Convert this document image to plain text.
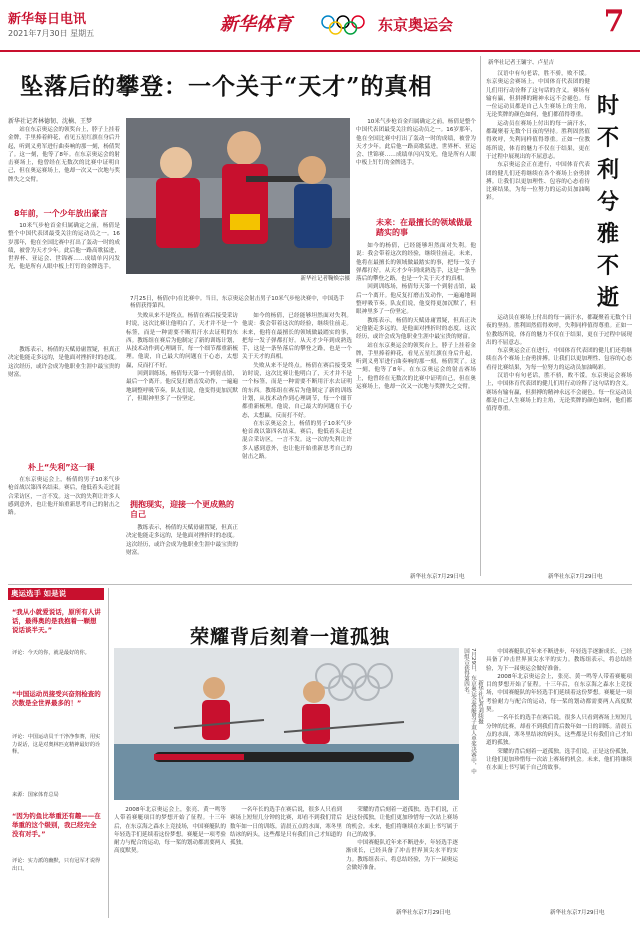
新华每日电讯
2021年7月30日 星期五	新华体育	东京奥运会	7
坠落后的攀登：一个关于“天才”的真相
新华社记者林德韧、沈楠、王梦
站在东京奥运会的领奖台上，脖子上挂着金牌，手里捧着鲜花，看见五星红旗在身后升起，听到义勇军进行曲奏响的那一刻，杨倩哭了。这一刻，他等了8年。在东京奥运会的射击赛场上，他曾经在无数次的比赛中证明自己，但在奥运赛场上，他却一次又一次地与奖牌失之交臂。
8年前，一个少年放出豪言
10米气步枪首金归属确定之前，杨倩是整个中国代表团最受关注的运动员之一。16岁那年，他在全国比赛中打出了轰动一时的成绩，被誉为天才少年。此后他一路高歌猛进，世界杯、亚运会、世锦赛……成绩单闪闪发光，他是所有人眼中板上钉钉的金牌选手。
朴上“失利”这一课
在东京奥运会上，杨倩的男子10米气步枪首战以第四名结束。赛后，他低着头走过混合采访区，一言不发。这一次的失利让许多人感到意外，也让他开始重新思考自己的射击之路。
教练表示，杨倩的天赋毋庸置疑，但真正决定他能走多远的，是他面对挫折时的态度。这次经历，或许会成为他职业生涯中最宝贵的财富。
新华社记者鞠焕宗摄
7月25日，杨倩(中)在比赛中。当日，东京奥运会射击男子10米气步枪决赛中，中国选手杨倩获得第四。
失败从来不是终点。杨倩在赛后接受采访时说，这次比赛让他明白了，天才并不是一个标签，而是一种需要不断用汗水去证明的东西。教练组在赛后为他制定了新的训练计划，从技术动作到心理调节，每一个细节都重新梳理。他说，自己最大的问题在于心态，太想赢，反而打不好。
回到训练场，杨倩每天第一个到射击馆，最后一个离开。他反复打磨击发动作，一遍遍地调整呼吸节奏。队友们说，他变得更加沉默了，但眼神里多了一份坚定。
拥抱现实，迎接一个更成熟的自己
教练表示，杨倩的天赋毋庸置疑，但真正决定他能走多远的，是他面对挫折时的态度。这次经历，或许会成为他职业生涯中最宝贵的财富。
如今的杨倩，已经能够坦然面对失利。他说：我会带着这次的经验，继续往前走。未来，他将在最擅长的领域做最踏实的事，把每一发子弹都打好。从天才少年到成熟选手，这是一条坠落后的攀登之路，也是一个关于天才的真相。
失败从来不是终点。杨倩在赛后接受采访时说，这次比赛让他明白了，天才并不是一个标签，而是一种需要不断用汗水去证明的东西。教练组在赛后为他制定了新的训练计划，从技术动作到心理调节，每一个细节都重新梳理。他说，自己最大的问题在于心态，太想赢，反而打不好。
在东京奥运会上，杨倩的男子10米气步枪首战以第四名结束。赛后，他低着头走过混合采访区，一言不发。这一次的失利让许多人感到意外，也让他开始重新思考自己的射击之路。
10米气步枪首金归属确定之前，杨倩是整个中国代表团最受关注的运动员之一。16岁那年，他在全国比赛中打出了轰动一时的成绩，被誉为天才少年。此后他一路高歌猛进，世界杯、亚运会、世锦赛……成绩单闪闪发光，他是所有人眼中板上钉钉的金牌选手。
未来：在最擅长的领域做最踏实的事
如今的杨倩，已经能够坦然面对失利。他说：我会带着这次的经验，继续往前走。未来，他将在最擅长的领域做最踏实的事，把每一发子弹都打好。从天才少年到成熟选手，这是一条坠落后的攀登之路，也是一个关于天才的真相。
回到训练场，杨倩每天第一个到射击馆，最后一个离开。他反复打磨击发动作，一遍遍地调整呼吸节奏。队友们说，他变得更加沉默了，但眼神里多了一份坚定。
教练表示，杨倩的天赋毋庸置疑，但真正决定他能走多远的，是他面对挫折时的态度。这次经历，或许会成为他职业生涯中最宝贵的财富。
站在东京奥运会的领奖台上，脖子上挂着金牌，手里捧着鲜花，看见五星红旗在身后升起，听到义勇军进行曲奏响的那一刻，杨倩哭了。这一刻，他等了8年。在东京奥运会的射击赛场上，他曾经在无数次的比赛中证明自己，但在奥运赛场上，他却一次又一次地与奖牌失之交臂。
新华社东京7月29日电
新华社记者王镛宇、卢星吉
时不利兮雅不逝
汉语中有句老话，胜不骄，败不馁。东京奥运会赛场上，中国体育代表团的健儿们用行动诠释了这句话的含义。赛场有输有赢，但拼搏的精神永远不会褪色。每一位运动员都是自己人生赛场上的主角，无论奖牌的颜色如何，他们都值得尊重。
运动员在赛场上付出的每一滴汗水，都凝聚着无数个日夜的坚持。胜利固然值得欢呼，失利同样值得尊重。正如一位教练所说，体育的魅力不仅在于结果，更在于过程中展现出的不屈意志。
东京奥运会正在进行，中国体育代表团的健儿们还将继续在各个赛场上奋勇拼搏。让我们以更加理性、包容的心态看待比赛结果，为每一位努力的运动员加油喝彩。
运动员在赛场上付出的每一滴汗水，都凝聚着无数个日夜的坚持。胜利固然值得欢呼，失利同样值得尊重。正如一位教练所说，体育的魅力不仅在于结果，更在于过程中展现出的不屈意志。
东京奥运会正在进行，中国体育代表团的健儿们还将继续在各个赛场上奋勇拼搏。让我们以更加理性、包容的心态看待比赛结果，为每一位努力的运动员加油喝彩。
汉语中有句老话，胜不骄，败不馁。东京奥运会赛场上，中国体育代表团的健儿们用行动诠释了这句话的含义。赛场有输有赢，但拼搏的精神永远不会褪色。每一位运动员都是自己人生赛场上的主角，无论奖牌的颜色如何，他们都值得尊重。
新华社东京7月29日电
奥运选手 如是说
“我从小就爱说话，原所有人讲话，最得奥的是我抱着一颗想说话谈半天。”
评论：今天的你，就是最好的你。
“中国运动员接受兴奋剂检查的次数是全世界最多的！”
评论：中国运动员干干净净参赛，用实力说话，这是对奥林匹克精神最好的诠释。
来源：国家体育总局
“因为钓鱼比举重还有趣——在举重的这个级别，我已经完全没有对手。”
评论：实力派的幽默，只有冠军才说得出口。
荣耀背后刻着一道孤独
7月29日，东京奥运会赛艇男子双人单桨决赛中，中国组合获得第四名。
新华社记者刘续摄
2008年北京奥运会上，张亮、黄一鸣等人带着赛艇项目的梦想开始了征程。十三年后，在东京海之森水上竞技场，中国赛艇队的年轻选手们延续着这份梦想。赛艇是一项考验耐力与配合的运动，每一桨的划动都需要两人高度默契。
一名年长的选手在赛后说，很多人只看到赛场上短短几分钟的比赛，却看不到我们背后数年如一日的训练。清晨五点的水面，寒冬里结冰的码头，这些都是只有我们自己才知道的孤独。
荣耀的背后刻着一道孤独。选手们说，正是这份孤独，让他们更加珍惜每一次站上赛场的机会。未来，他们将继续在水面上书写属于自己的故事。
中国赛艇队近年来不断进步，年轻选手逐渐成长，已经具备了冲击世界顶尖水平的实力。教练组表示，将总结经验，为下一届奥运会做好准备。
新华社东京7月29日电
中国赛艇队近年来不断进步，年轻选手逐渐成长，已经具备了冲击世界顶尖水平的实力。教练组表示，将总结经验，为下一届奥运会做好准备。
2008年北京奥运会上，张亮、黄一鸣等人带着赛艇项目的梦想开始了征程。十三年后，在东京海之森水上竞技场，中国赛艇队的年轻选手们延续着这份梦想。赛艇是一项考验耐力与配合的运动，每一桨的划动都需要两人高度默契。
一名年长的选手在赛后说，很多人只看到赛场上短短几分钟的比赛，却看不到我们背后数年如一日的训练。清晨五点的水面，寒冬里结冰的码头，这些都是只有我们自己才知道的孤独。
荣耀的背后刻着一道孤独。选手们说，正是这份孤独，让他们更加珍惜每一次站上赛场的机会。未来，他们将继续在水面上书写属于自己的故事。
新华社东京7月29日电
